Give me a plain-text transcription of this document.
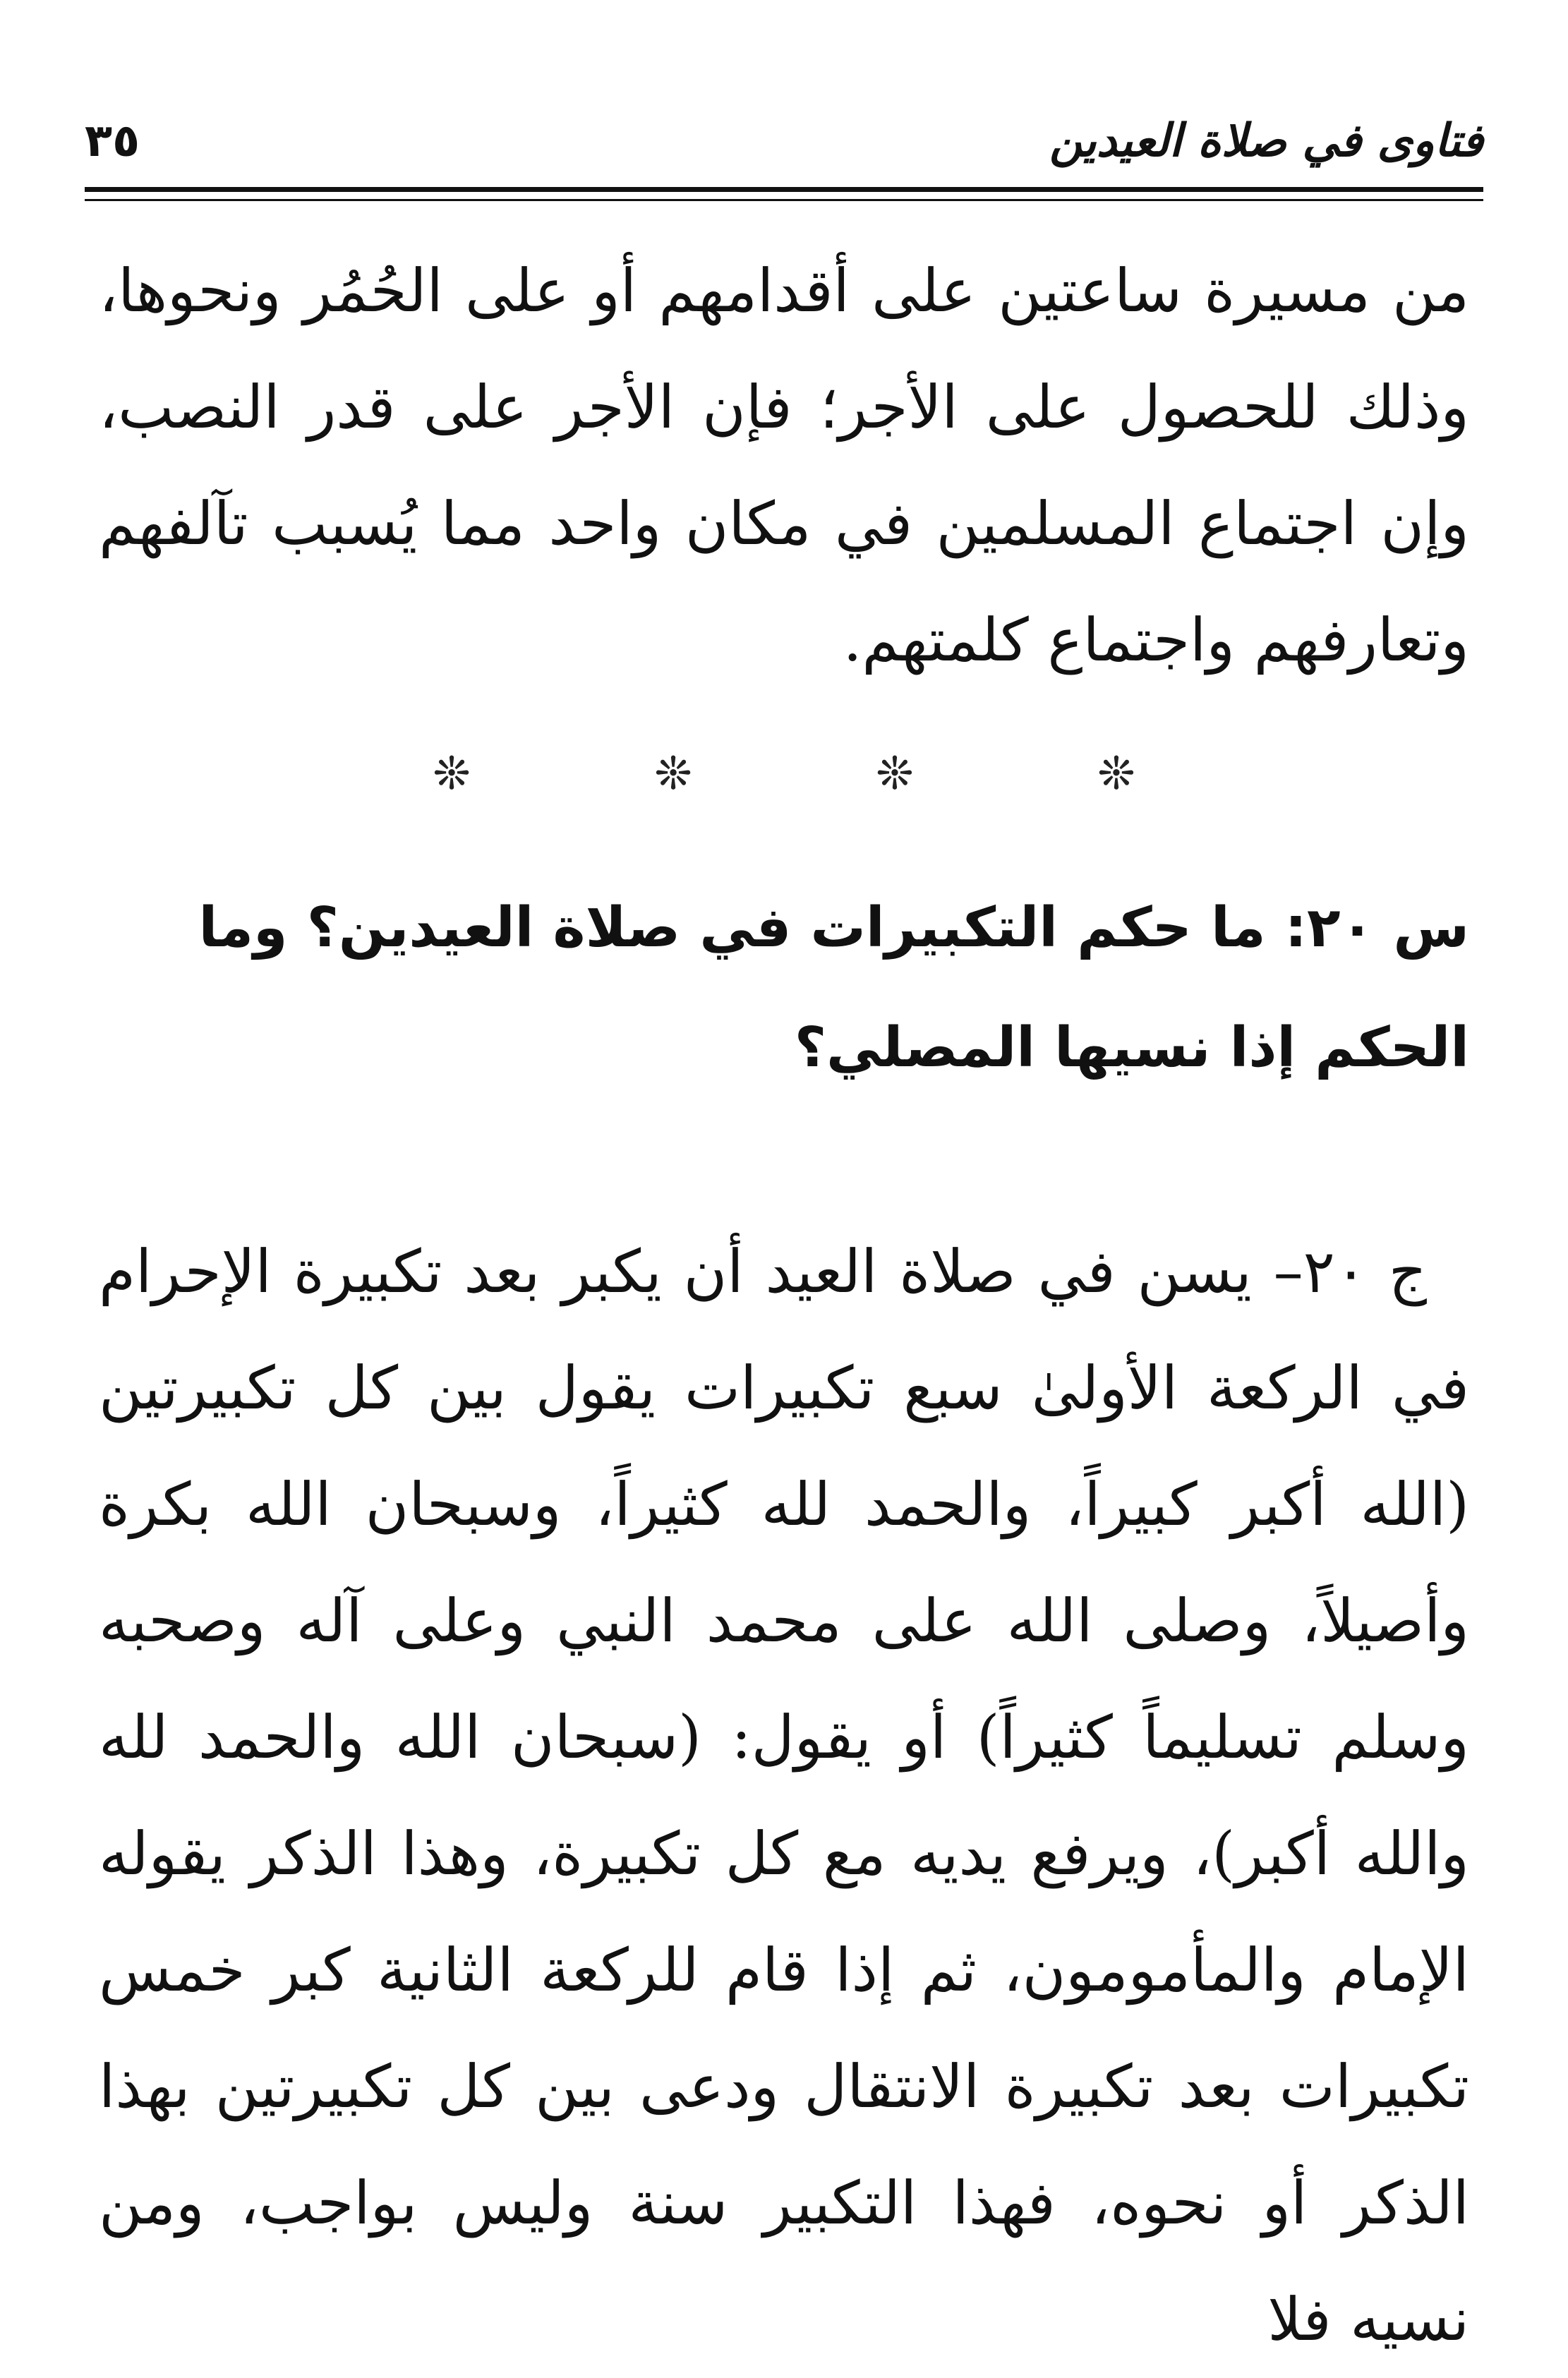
فتاوى في صلاة العيدين
٣٥
من مسيرة ساعتين على أقدامهم أو على الحُمُر ونحوها، وذلك للحصول على الأجر؛ فإن الأجر على قدر النصب، وإن اجتماع المسلمين في مكان واحد مما يُسبب تآلفهم وتعارفهم واجتماع كلمتهم.
❊ ❊ ❊ ❊
س ٢٠: ما حكم التكبيرات في صلاة العيدين؟ وما الحكم إذا نسيها المصلي؟
ج ٢٠– يسن في صلاة العيد أن يكبر بعد تكبيرة الإحرام في الركعة الأولىٰ سبع تكبيرات يقول بين كل تكبيرتين (الله أكبر كبيراً، والحمد لله كثيراً، وسبحان الله بكرة وأصيلاً، وصلى الله على محمد النبي وعلى آله وصحبه وسلم تسليماً كثيراً) أو يقول: (سبحان الله والحمد لله والله أكبر)، ويرفع يديه مع كل تكبيرة، وهذا الذكر يقوله الإمام والمأمومون، ثم إذا قام للركعة الثانية كبر خمس تكبيرات بعد تكبيرة الانتقال ودعى بين كل تكبيرتين بهذا الذكر أو نحوه، فهذا التكبير سنة وليس بواجب، ومن نسيه فلا
